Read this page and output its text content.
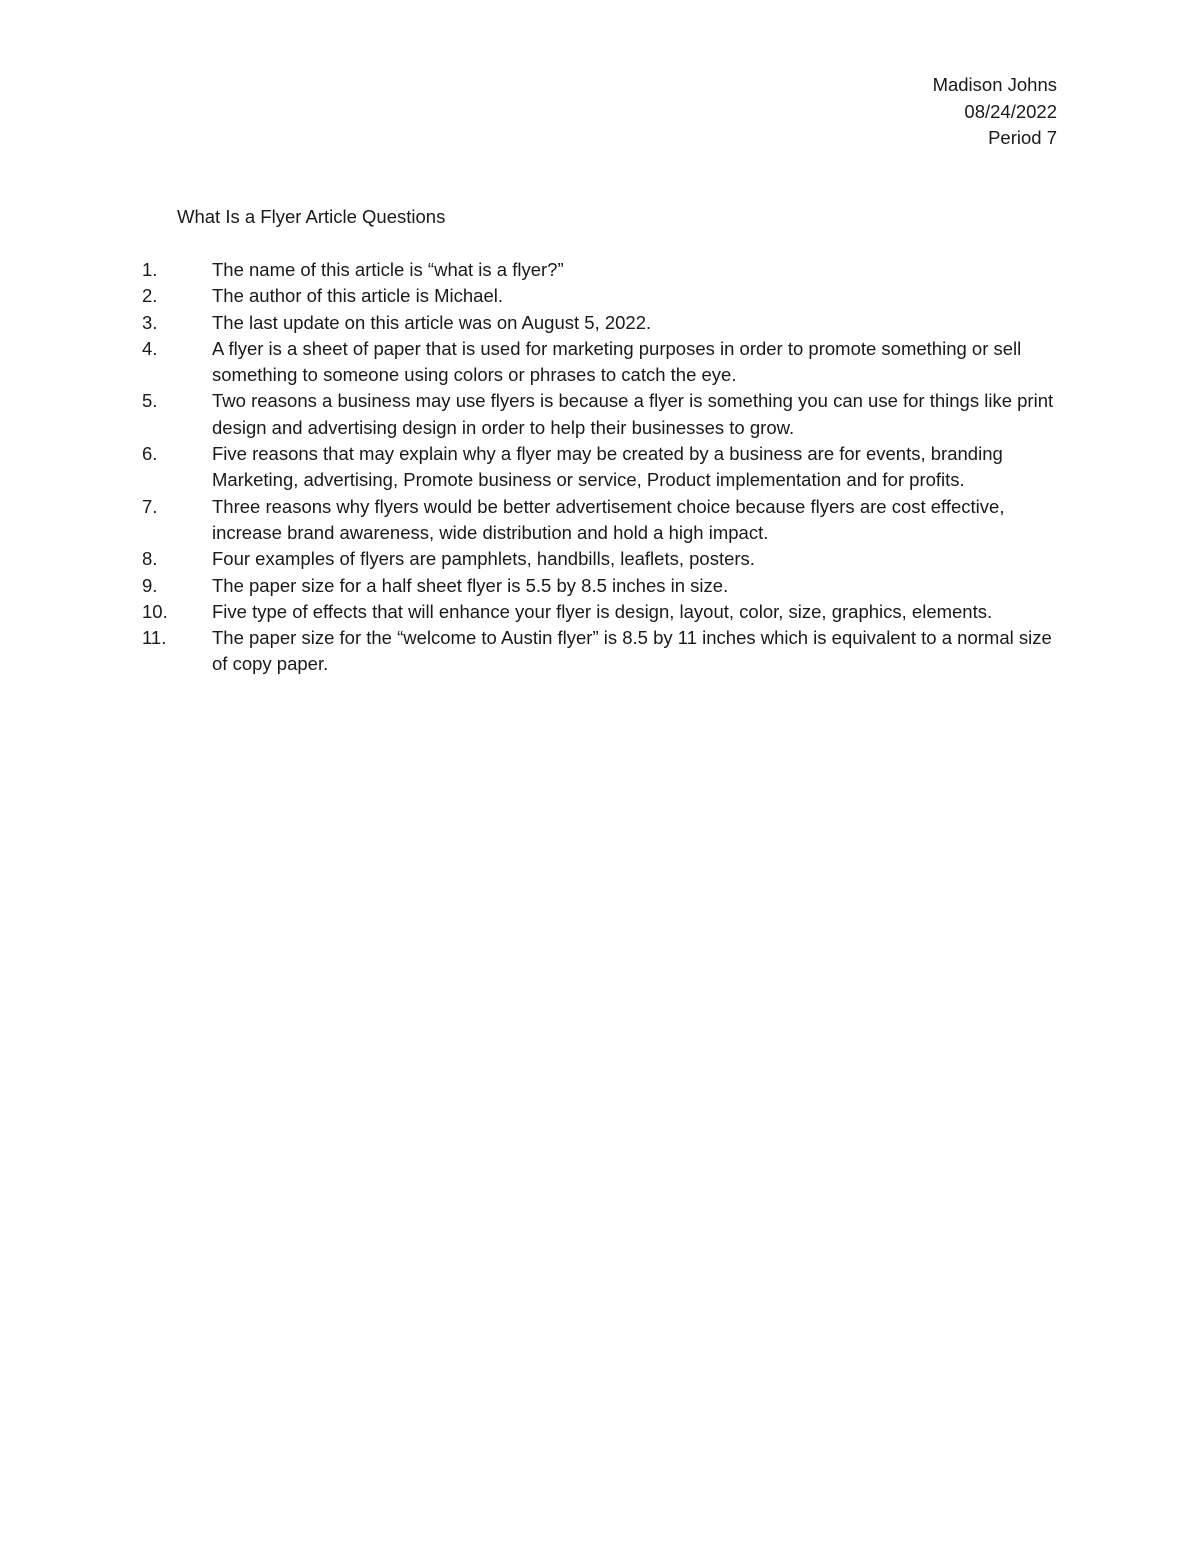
Madison Johns
08/24/2022
Period 7
What Is a Flyer Article Questions
1.	The name of this article is “what is a flyer?”
2.	The author of this article is Michael.
3.	The last update on this article was on August 5, 2022.
4.	A flyer is a sheet of paper that is used for marketing purposes in order to promote something or sell something to someone using colors or phrases to catch the eye.
5.	Two reasons a business may use flyers is because a flyer is something you can use for things like print design and advertising design in order to help their businesses to grow.
6.	Five reasons that may explain why a flyer may be created by a business are for events, branding Marketing, advertising, Promote business or service, Product implementation and for profits.
7.	Three reasons why flyers would be better advertisement choice because flyers are cost effective, increase brand awareness, wide distribution and hold a high impact.
8.	Four examples of flyers are pamphlets, handbills, leaflets, posters.
9.	The paper size for a half sheet flyer is 5.5 by 8.5 inches in size.
10.	Five type of effects that will enhance your flyer is design, layout, color, size, graphics, elements.
11.	The paper size for the “welcome to Austin flyer” is 8.5 by 11 inches which is equivalent to a normal size of copy paper.
